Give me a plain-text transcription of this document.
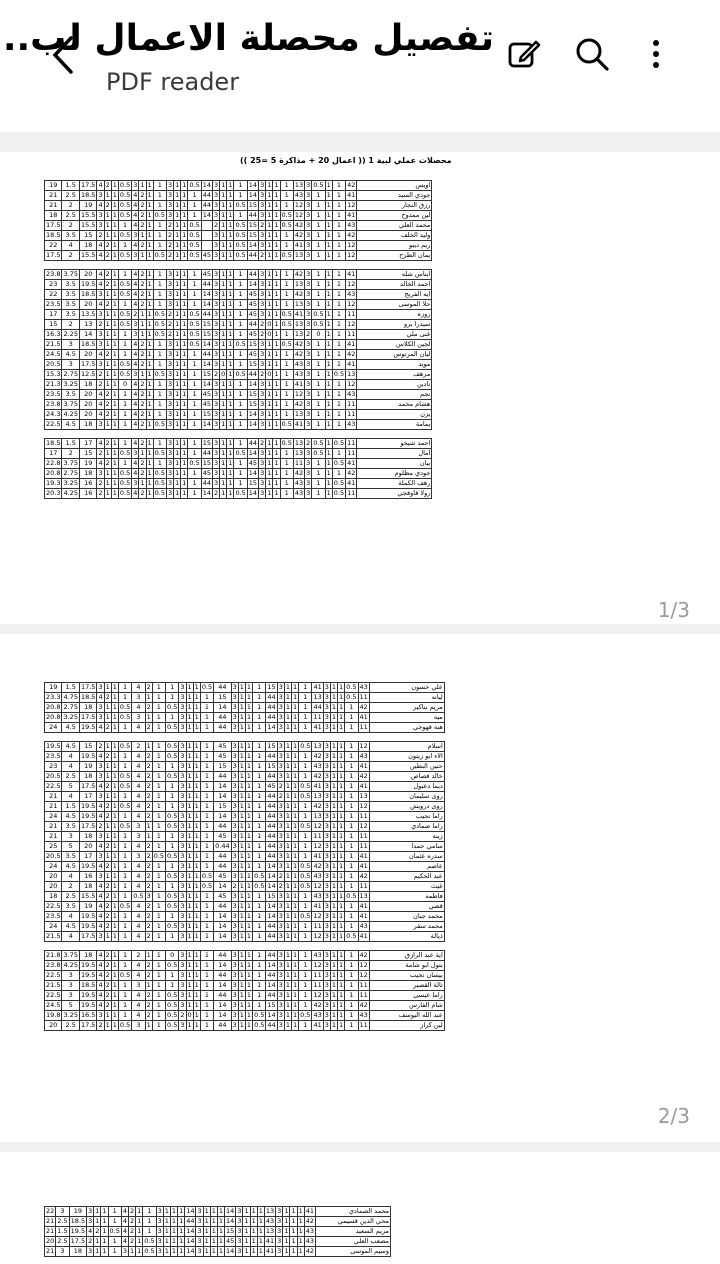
تفصيل محصلة الاعمال لب..
PDF reader
محصلات عملي لبية 1 (( اعمال 20 + مذاكرة 5 =25 ))
19	1.5	17.5	4	2	1	0.5	3	1	1	1	3	1	1	0.5	14	3	1	1	1	14	3	1	1	1	13	3	0.5	1	1	42	اويس
21	2.5	18.5	3	1	1	0.5	4	2	1	1	3	1	1	1	44	3	1	1	1	14	3	1	1	1	43	3	1	1	1	41	جودي السيد
21	2	19	4	2	1	0.5	4	2	1	1	3	1	1	1	44	3	1	1	0.5	15	3	1	1	1	12	3	1	1	1	12	رزق النجار
18	2.5	15.5	3	1	1	0.5	4	2	1	0.5	3	1	1	1	14	3	1	1	1	44	3	1	1	0.5	12	3	1	1	1	41	لين ممدوح
17.5	2	15.5	3	1	1	1	4	2	1	1	2	1	1	0.5		2	1	1	0.5	15	2	1	1	0.5	42	3	1	1	1	43	محمد العلي
18.5	3.5	15	2	1	1	0.5	3	1	1	1	2	1	1	0.5		3	1	1	0.5	15	3	1	1	1	42	3	1	1	1	42	وليد الخلف
22	4	18	4	2	1	1	4	2	1	1	2	1	1	0.5		3	1	1	0.5	14	3	1	1	1	41	3	1	1	1	12	ريم ديبو
17.5	2	15.5	4	2	1	0.5	3	1	1	0.5	2	1	1	0.5	45	3	1	1	0.5	44	2	1	1	0.5	13	3	1	1	1	12	يمان الطرح

23.8	3.75	20	4	2	1	1	4	2	1	1	3	1	1	1	45	3	1	1	1	44	3	1	1	1	42	3	1	1	1	41	ايناس شله
23	3.5	19.5	4	2	1	0.5	4	2	1	1	3	1	1	1	44	3	1	1	1	14	3	1	1	1	13	3	1	1	1	12	احمد الخالد
22	3.5	18.5	3	1	1	0.5	4	2	1	1	3	1	1	1	14	3	1	1	1	45	3	1	1	1	42	3	1	1	1	43	ايه الفريج
23.5	3.5	20	4	2	1	1	4	2	1	1	3	1	1	1	14	3	1	1	1	45	3	1	1	1	13	3	1	1	1	12	حلا الموسى
17	3.5	13.5	3	1	1	0.5	2	1	1	0.5	2	1	1	0.5	44	3	1	1	1	45	3	1	1	0.5	41	3	0.5	1	1	11	روزه
15	2	13	2	1	1	0.5	3	1	1	0.5	2	1	1	0.5	15	3	1	1	1	44	2	0	1	0.5	13	3	0.5	1	1	12	سيدرا برو
16.3	2.25	14	3	1	1	1	3	1	1	0.5	2	1	1	0.5	15	3	1	1	1	45	2	0	1	1	13	2	0	1	1	11	غنى ملي
21.5	3	18.5	3	1	1	1	4	2	1	1	3	1	1	0.5	14	3	1	1	0.5	15	3	1	1	0.5	42	3	1	1	1	41	لجين الكلاس
24.5	4.5	20	4	2	1	1	4	2	1	1	3	1	1	1	44	3	1	1	1	45	3	1	1	1	42	3	1	1	1	42	ليان المرتوس
20.5	3	17.5	3	1	1	0.5	4	2	1	1	3	1	1	1	14	3	1	1	1	15	3	1	1	1	43	3	1	1	1	41	مويد
15.3	2.75	12.5	2	1	1	0.5	3	1	1	0.5	3	1	1	1	15	2	0	1	0.5	44	2	0	1	1	43	3	1	1	0.5	13	مرهف
21.3	3.25	18	2	1	1	0	4	2	1	1	3	1	1	1	14	3	1	1	1	14	3	1	1	1	41	3	1	1	1	12	نادين
23.5	3.5	20	4	2	1	1	4	2	1	1	3	1	1	1	45	3	1	1	1	15	3	1	1	1	12	3	1	1	1	43	نجم
23.8	3.75	20	4	2	1	1	4	2	1	1	3	1	1	1	45	3	1	1	1	15	3	1	1	1	42	3	1	1	1	11	هشام محمد
24.3	4.25	20	4	2	1	1	4	2	1	1	3	1	1	1	15	3	1	1	1	14	3	1	1	1	13	3	1	1	1	11	يزن
22.5	4.5	18	3	1	1	1	4	2	1	0.5	3	1	1	1	14	3	1	1	1	14	3	1	1	0.5	41	3	1	1	1	43	يمامة

18.5	1.5	17	4	2	1	1	4	2	1	1	3	1	1	1	15	3	1	1	1	44	2	1	1	0.5	13	2	0.5	1	0.5	11	احمد شيخو
17	2	15	2	1	1	0.5	3	1	1	0.5	3	1	1	1	44	3	1	1	0.5	14	3	1	1	1	13	3	0.5	1	1	11	امال
22.8	3.75	19	4	2	1	1	4	2	1	1	3	1	1	0.5	15	3	1	1	1	45	3	1	1	1	11	3	1	1	0.5	41	بيان
20.8	2.75	18	3	1	1	0.5	4	2	1	0.5	3	1	1	1	45	3	1	1	1	14	3	1	1	1	42	3	1	1	1	42	جودي مظلوم
19.3	3.25	16	2	1	1	0.5	3	1	1	0.5	3	1	1	1	44	3	1	1	1	15	3	1	1	1	43	3	1	1	0.5	41	رهف الكملة
20.3	4.25	16	2	1	1	0.5	4	2	1	0.5	3	1	1	1	14	2	1	1	0.5	14	3	1	1	1	43	3	1	1	0.5	11	رولا قاوقجي
1/3
19	1.5	17.5	3	1	1	1	4	2	1	1	3	1	1	0.5	44	3	1	1	1	15	3	1	1	1	41	3	1	1	0.5	43	علي حسون
23.3	4.75	18.5	4	2	1	1	3	1	1	1	3	1	1	1	15	3	1	1	1	44	3	1	1	1	13	3	1	1	0.5	11	ليانه
20.8	2.75	18	3	1	1	0.5	4	2	1	0.5	3	1	1	1	14	3	1	1	1	44	3	1	1	1	44	3	1	1	1	42	مريم بناكير
20.8	3.25	17.5	3	1	1	0.5	3	1	1	1	3	1	1	1	44	3	1	1	1	44	3	1	1	1	11	3	1	1	1	41	ميه
24	4.5	19.5	4	2	1	1	4	2	1	0.5	3	1	1	1	44	3	1	1	1	14	3	1	1	1	41	3	1	1	1	11	هبه قهوجي

19.5	4.5	15	2	1	1	0.5	2	1	1	0.5	3	1	1	1	45	3	1	1	1	15	3	1	1	0.5	13	3	1	1	1	12	اسلام
23.5	4	19.5	4	2	1	1	4	2	1	0.5	3	1	1	1	45	3	1	1	1	44	3	1	1	1	42	3	1	1	1	43	الاء ابو زيتون
23	4	19	3	1	1	1	4	2	1	1	3	1	1	1	15	3	1	1	1	15	3	1	1	1	43	3	1	1	1	41	حنين البطين
20.5	2.5	18	3	1	1	0.5	4	2	1	0.5	3	1	1	1	44	3	1	1	1	44	3	1	1	1	42	3	1	1	1	42	خالد قصاص
22.5	5	17.5	4	2	1	0.5	4	2	1	1	3	1	1	1	14	3	1	1	1	45	2	1	1	0.5	41	3	1	1	1	41	ديما دعبول
21	4	17	3	1	1	1	4	2	1	1	3	1	1	1	14	3	1	1	1	44	2	1	1	0.5	13	3	1	1	1	13	روى سليمان
21	1.5	19.5	4	2	1	0.5	4	2	1	1	3	1	1	1	15	3	1	1	1	44	3	1	1	1	42	3	1	1	1	12	روى درويش
24	4.5	19.5	4	2	1	1	4	2	1	0.5	3	1	1	1	14	3	1	1	1	44	3	1	1	1	13	3	1	1	1	11	راما نجيب
21	3.5	17.5	2	1	1	0.5	3	1	1	0.5	3	1	1	1	44	3	1	1	1	44	3	1	1	0.5	12	3	1	1	1	12	راما صمادي
21	3	18	3	1	1	1	3	1	1	1	3	1	1	1	45	3	1	1	1	44	3	1	1	1	11	3	1	1	1	11	زينه
25	5	20	4	2	1	1	4	2	1	1	3	1	1	1	0.44	3	1	1	1	44	3	1	1	1	12	3	1	1	1	11	سامي حمدا
20.5	3.5	17	3	1	1	1	3	2	0.5	0.5	3	1	1	1	44	3	1	1	1	44	3	1	1	1	41	3	1	1	1	41	سدره عثمان
24	4.5	19.5	4	2	1	1	4	2	1	1	3	1	1	1	44	3	1	1	1	14	3	1	1	0.5	42	3	1	1	1	41	عاصم
20	4	16	3	1	1	1	4	2	1	0.5	3	1	1	0.5	45	3	1	1	0.5	14	2	1	1	0.5	43	3	1	1	1	42	عبد الحكيم
20	2	18	4	2	1	1	4	2	1	1	3	1	1	0.5	14	2	1	1	0.5	14	2	1	1	0.5	12	3	1	1	1	11	غيث
18	2.5	15.5	4	2	1	1	0.5	3	1	0.5	3	1	1	1	45	3	1	1	1	15	3	1	1	1	43	3	1	1	0.5	13	فاطمه
22.5	3.5	19	4	2	1	0.5	4	2	1	0.5	3	1	1	1	44	3	1	1	1	14	3	1	1	1	41	3	1	1	1	41	قصي
23.5	4	19.5	4	2	1	1	4	2	1	1	3	1	1	1	14	3	1	1	1	14	3	1	1	0.5	12	3	1	1	1	41	محمد جبان
24	4.5	19.5	4	2	1	1	4	2	1	0.5	3	1	1	1	14	3	1	1	1	44	3	1	1	1	11	3	1	1	1	43	محمد سقر
21.5	4	17.5	3	1	1	1	4	2	1	1	3	1	1	1	14	3	1	1	1	44	3	1	1	1	12	3	1	1	0.5	41	ذيالة

21.8	3.75	18	4	2	1	1	2	1	1	0	3	1	1	1	44	3	1	1	1	44	3	1	1	1	43	3	1	1	1	42	اية عبد الرازق
23.8	4.25	19.5	4	2	1	1	4	2	1	0.5	3	1	1	1	14	3	1	1	1	14	3	1	1	1	12	3	1	1	1	12	بتول ابو شامة
22.5	3	19.5	4	2	1	0.5	4	2	1	1	3	1	1	1	44	3	1	1	1	44	3	1	1	1	11	3	1	1	1	12	بيسان نجيب
21.5	3	18.5	4	2	1	1	3	1	1	1	3	1	1	1	14	3	1	1	1	14	3	1	1	1	11	3	1	1	1	11	ثالة القصير
22.5	3	19.5	4	2	1	1	4	2	1	0.5	3	1	1	1	44	3	1	1	1	44	3	1	1	1	12	3	1	1	1	11	راما عيسى
24.5	5	19.5	4	2	1	1	4	2	1	0.5	3	1	1	1	14	3	1	1	1	15	3	1	1	1	42	3	1	1	1	42	شام الفارس
19.8	3.25	16.5	3	1	1	1	4	2	1	0.5	2	0	1	1	14	3	1	1	0.5	14	3	1	1	0.5	43	3	1	1	1	43	عبد الله اليوسف
20	2.5	17.5	2	1	1	0.5	3	1	1	0.5	3	1	1	1	44	3	1	1	0.5	44	3	1	1	1	41	3	1	1	1	11	لين كراز
2/3
22	3	19	3	1	1	1	4	2	1	1	3	1	1	1	14	3	1	1	1	14	3	1	1	1	13	3	1	1	1	41	محمد الصمادي
21	2.5	18.5	3	1	1	1	4	2	1	1	3	1	1	1	44	3	1	1	1	14	3	1	1	1	43	3	1	1	1	42	محي الدين قسيمي
21	1.5	19.5	4	2	1	0.5	4	2	1	1	3	1	1	1	14	3	1	1	1	15	3	1	1	1	13	3	1	1	1	43	مريم السعيد
20	2.5	17.5	2	1	1	1	4	2	1	0.5	3	1	1	1	14	3	1	1	1	45	3	1	1	1	41	3	1	1	1	43	مصعب العلي
21	3	18	3	1	1	1	3	1	1	0.5	3	1	1	1	14	3	1	1	1	14	3	1	1	1	41	3	1	1	1	42	وسيم الموسى
